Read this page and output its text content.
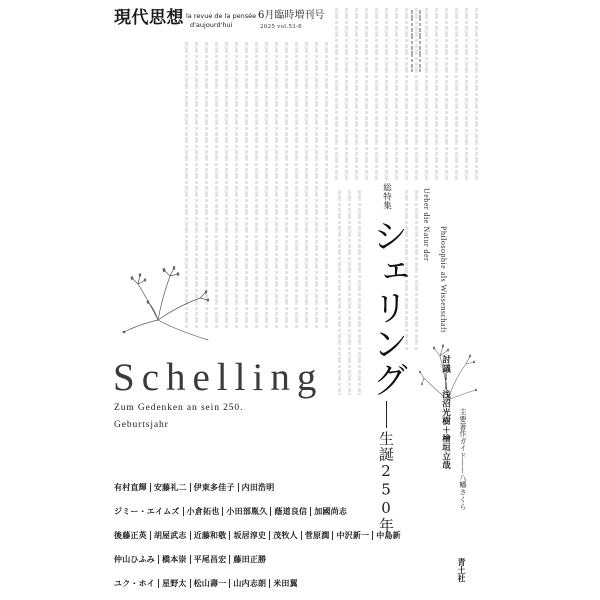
現代思想 la revue de la pensée
d'aujourd'hui
6月臨時増刊号
2025 vol.53-8
総特集
シェリング
生誕250年
Schelling
Zum Gedenken an sein 250.
Geburtsjahr
Ueber die Natur der
Philosophie als Wissenschaft
討議——浅沼光樹＋檜垣立哉 主要著作ガイド——八幡さくら
有村直輝 安藤礼二 伊東多佳子 内田浩明
ジミー・エイムズ 小倉拓也 小田部胤久 蔭道良信 加國尚志
後藤正英 胡屋武志 近藤和敬 坂居淳史 茂牧人 菅原潤 中沢新一 中島新
仲山ひふみ 橋本崇 平尾昌宏 藤田正勝
ユク・ホイ 星野太 松山壽一 山内志朗 米田翼
青土社
